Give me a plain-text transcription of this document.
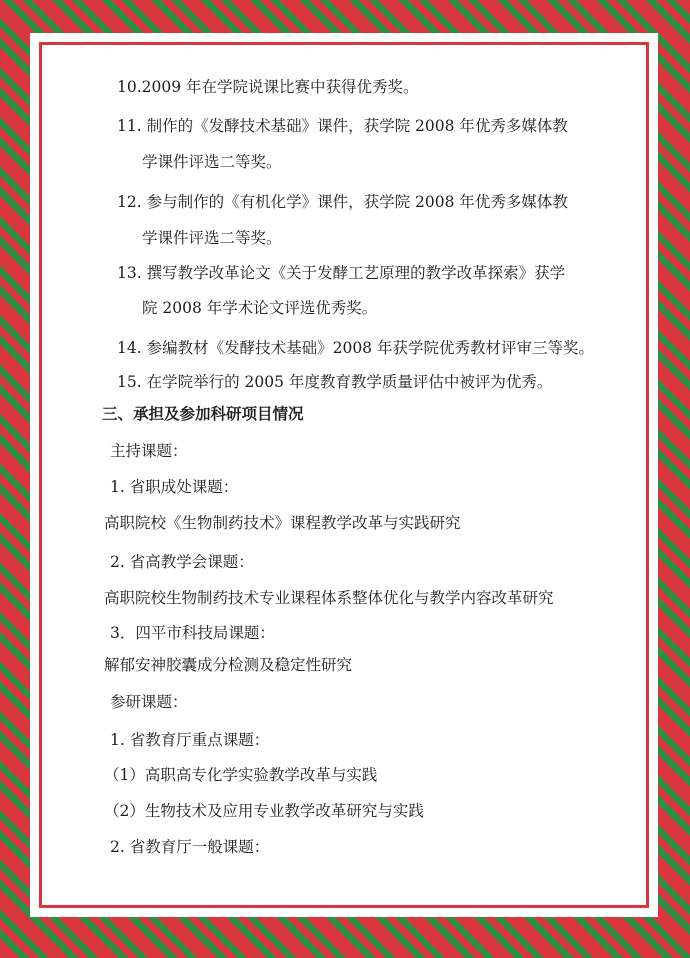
10.2009 年在学院说课比赛中获得优秀奖。
11. 制作的《发酵技术基础》课件，获学院 2008 年优秀多媒体教
学课件评选二等奖。
12. 参与制作的《有机化学》课件，获学院 2008 年优秀多媒体教
学课件评选二等奖。
13. 撰写教学改革论文《关于发酵工艺原理的教学改革探索》获学
院 2008 年学术论文评选优秀奖。
14. 参编教材《发酵技术基础》2008 年获学院优秀教材评审三等奖。
15. 在学院举行的 2005 年度教育教学质量评估中被评为优秀。
三、承担及参加科研项目情况
主持课题：
1. 省职成处课题：
高职院校《生物制药技术》课程教学改革与实践研究
2. 省高教学会课题：
高职院校生物制药技术专业课程体系整体优化与教学内容改革研究
3．四平市科技局课题：
解郁安神胶囊成分检测及稳定性研究
参研课题：
1. 省教育厅重点课题：
（1）高职高专化学实验教学改革与实践
（2）生物技术及应用专业教学改革研究与实践
2. 省教育厅一般课题：
